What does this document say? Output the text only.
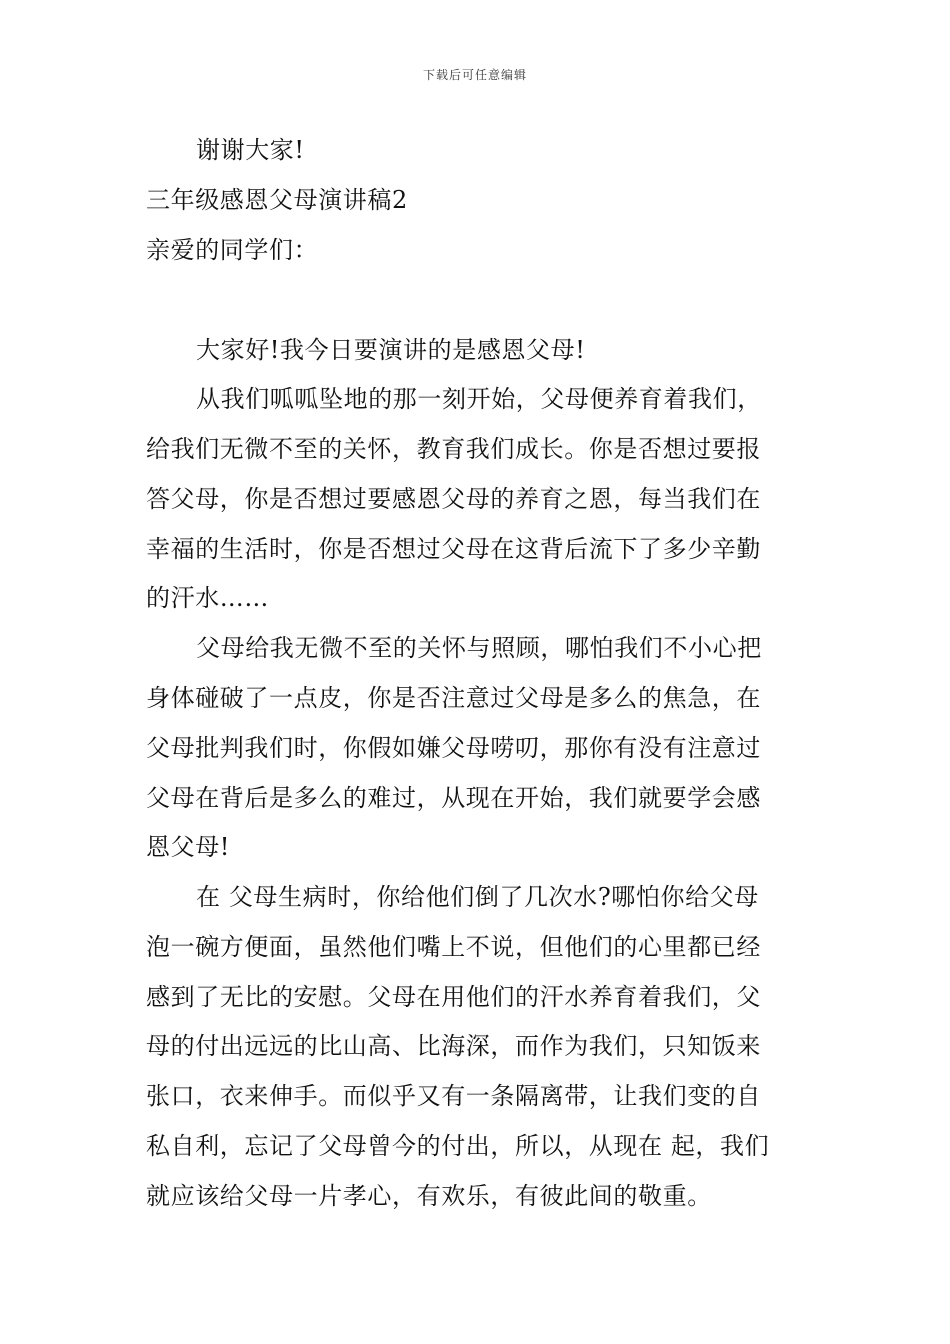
下载后可任意编辑
谢谢大家!
三年级感恩父母演讲稿2
亲爱的同学们：
大家好!我今日要演讲的是感恩父母!
从我们呱呱坠地的那一刻开始，父母便养育着我们，
给我们无微不至的关怀，教育我们成长。你是否想过要报
答父母，你是否想过要感恩父母的养育之恩，每当我们在
幸福的生活时，你是否想过父母在这背后流下了多少辛勤
的汗水……
父母给我无微不至的关怀与照顾，哪怕我们不小心把
身体碰破了一点皮，你是否注意过父母是多么的焦急，在
父母批判我们时，你假如嫌父母唠叨，那你有没有注意过
父母在背后是多么的难过，从现在开始，我们就要学会感
恩父母!
在 父母生病时，你给他们倒了几次水?哪怕你给父母
泡一碗方便面，虽然他们嘴上不说，但他们的心里都已经
感到了无比的安慰。父母在用他们的汗水养育着我们，父
母的付出远远的比山高、比海深，而作为我们，只知饭来
张口，衣来伸手。而似乎又有一条隔离带，让我们变的自
私自利，忘记了父母曾今的付出，所以，从现在 起，我们
就应该给父母一片孝心，有欢乐，有彼此间的敬重。
